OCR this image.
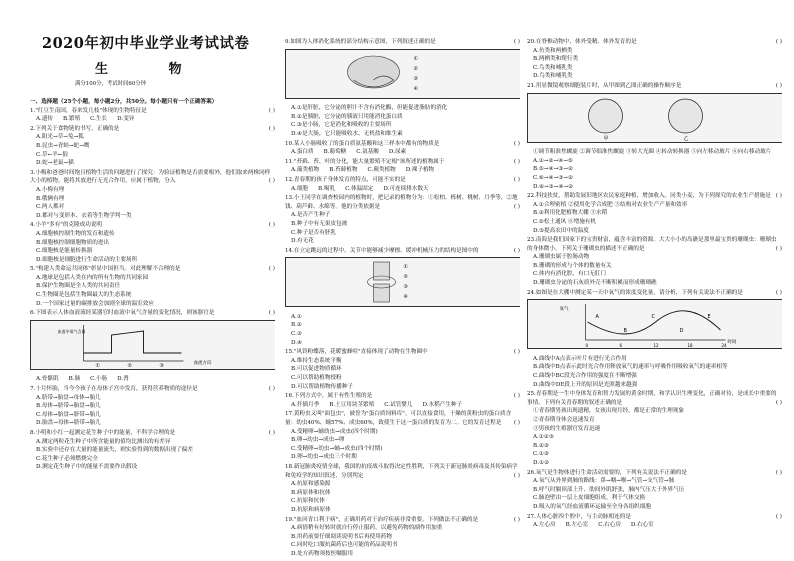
2020年初中毕业学业考试试卷
生 物
满分100分，考试时间60分钟
一、选择题（25个小题，每小题2分，共50分。每小题只有一个正确答案）
1."红豆生南国，春来发几枝"体现的生物特征是	( )
A.遗传 B.繁殖 C.生长 D.变异
2.下列关于食物链的书写，正确的是	( )
A.阳光→草→兔→狐
B.昆虫→青蛙→蛇→鹰
C.草←羊←狼
D.蛇→老鼠→猫
3.小梅和爸爸时间饱且植物生活的问题进行了探究：为验证植物是否需要根外，他们取来两株同样大小的植物。能将其放进行无光合作用，应属于植物，分入	( )
A.小梅有理
B.俄俩有理
C.两人都对
D.都对与变形本、衣着等生物学判一类
4.小羊"多有"的克隆成功说明	( )
A.细胞核控制生物的发育和遗传
B.细胞核控制细胞物质的进出
C.细胞核是能量转换器
D.细胞核是细胞进行生命活动的主要场所
5."构建人类命运共同体"彰显中国担当。对此理解不合理的是	( )
A.地球是包括人类在内的所有生物的共同家园
B.保护生物圈是全人类的共同责任
C.生物圈是包括生物圈最大的生态系统
D.一个国家过量的碳排放会加剧全球的温室效应
6.下图表示人体血液流经某器官时血液中氧气含量的变化情况，则该器官是	( )
血液中氧气含量
血流方向
①	②	③
A.骨骼肌 B.肺 C.小肠 D.肾
7.十月怀胎，当今今孩子在母体子宫中发育，获得营养物质的途径是	( )
A.脐带→胎盘→母体→胎儿
B.母体→脐带→胎盘→胎儿
C.母体→胎盘→脐带→胎儿
D.胎盘→母体→脐带→胎儿
8.小明和小红一起测定花生种子中的能量，不科学合理的是	( )
A.测定两粒花生种子中所含能量的值均比测出的有差异
B.实验中还存在大量的能量流失，则实验得到的数据出现了偏差
C.花生种子必须燃烧完全
D.测定花生种子中的能量不需要作出假设
9.如图为人体消化系统的部分结构示意图，下列叙述正确的是	( )
①
②
③
④
A.①是肝脏，它分泌的胆汁不含有消化酶，但能促进脂肪的消化
B.②是胰脏，它分泌的胰液只用能消化蛋白质
C.③是小肠，它是消化和吸收的主要场所
D.④是大肠，它只能吸收水、无机盐和维生素
10.某人小肠吸收了的蛋白质氨基酸和这三样本中都有的物质是	( )
A.蛋白质 B.葡萄糖 C.氨基酸 D.尿素
11."苔藓、苔、叶的分化，能大量繁殖不定根"该所述的植物属于	( )
A.藻类植物 B.苔藓植物 C.蕨类植物 D.裸子植物
12.青春期的孩子身体发育的特点，可能不实的是	( )
A.细胞 B.喝乳 C.体温固定 D.可连续排水数天
13.小王同学在调查校园内的植物时，把记录的植物分为：①松柏、栎树、桃树、月季等，②地钱、葫芦藓、水绵等。他的分类依据是	( )
A.是否产生种子
B.种子中有无果皮包被
C.种子是否有胚乳
D.有无花
14.在立定跳远的过程中，关节中能够减少摩擦、缓冲机械压力的结构是图中的	( )
①
②
③
④
A.①
B.②
C.③
D.④
15."风铃粉蝶落，花暖蜜蜂喧"直接体现了动物在生物圈中	( )
A.维持生态系统平衡
B.可以促进物质循环
C.可以帮助植物授粉
D.可以帮助植物传播种子
16.下列方式中，属于有性生殖的是	( )
A.扦插月季 B.土豆用块茎繁殖 C.试管婴儿 D.水稻产生种子
17.黄粉虫又叫"面包虫"，被誉为"蛋白质饲料库"。可以直接食用，干燥的黄粉虫的蛋白质含量：幼虫40%、蛹57%、成虫60%，致使生于这一蛋白质的发育为二。它的发育过程是 ( )
A.受精卵→蛹幼虫→成虫(四个时期)
B.卵→幼虫→成虫→卵
C.受精卵→幼虫→蛹→成虫(四个时期)
D.卵→幼虫→成虫三个时期
18.新冠肺炎疫情全球，我国的抗疫战斗取得决定性胜利，下列关于新冠肺炎病毒及其传染病学和免疫学的知识叙述，分别判定	( )
A.抗原和感染源
B.病原体和抗体
C.抗原和抗体
D.抗原和病原体
19."血回青口利于病"，正确用药对于治疗疾病非常重要。下列做法不正确的是	( )
A.病情稍有好转时就自行停止服药，以避免药物的副作用加重
B.用药前要仔细阅读说明书后再使用药物
C.同时吃口服抗菌药后也可能的药品说明书
D.处方药物须按医嘱服用
20.在脊椎动物中，体外受精、体外发育的是	( )
A.鱼类和两栖类
B.两栖类和爬行类
C.鸟类和哺乳类
D.鸟类和哺乳类
21.用显微镜观察细胞装片时，从甲图到乙图正确的操作顺序是	( )
甲	乙
①调节粗准焦螺旋 ②调节细准焦螺旋 ③转大光圈 ④转动转换器 ⑤向左移动玻片 ⑥向右移动玻片
A.①→②→④→⑤
B.⑤→④→③→②
C.⑥→④→③→②
D.⑥→③→④→②
22.科技扶贫，帮助发展旧地区农民家庭种植，增加收入。同类小麦，为下列探究的农业生产措施是 ( )
A.①合理密植 ②使用化学合成肥 ③结构对农业生产产量和效率
B.②利用化肥植物大棚 ③水稻
C.⑤松土通风 ⑥增施有机
D.⑤提高农田中的温度
23.南海是我们国家下的宝贵财富，蕴含丰富的资源。大大小小的岛礁是那里最宝贵的珊瑚虫：珊瑚虫的身体微小，下列关于珊瑚虫的描述不正确的是	( )
A.珊瑚虫属于腔肠动物
B.珊瑚的形成与个体的数量有关
C.体内有消化腔，有口无肛门
D.珊瑚虫分泌的石灰质外壳不断积累而形成珊瑚礁
24.如图是在大棚中测定某一天中氧气的浓度变化量，请分析，下列有关说法不正确的是	( )
氧气
时间
A
B
C
D
E
0	6	12	18	24
A.曲线中A点表示叶片有进行光合作用
B.曲线中B点表示此时光合作用释放氧气的速率与呼吸作用吸收氧气的速率相等
C.曲线中BC段光合作用的强度在不断增强
D.曲线中DE段上升的原因是光照越来越强
25.青春期是一生中身体发育和智力发展的黄金时期，和学认识生理变化，正确对待，是成长中重要的事情。下列有关青春期的叙述正确的是	( )
①青春期男孩出现遗精，女孩出现月经，都是正常的生理现象
②青春期身体会迅速发育
③男孩的生殖器官发育迅速
A.①②③
B.②③
C.①③
D.①②
26.氧气是生物体进行生命活动需要的，下列有关说法不正确的是	( )
A.氧气从外界到肺的路线：鼻→咽→喉→气管→支气管→肺
B.呼气时膈顶部上升、肋间外肌舒张，肺内气压大于外界气压
C.肺泡壁由一层上皮细胞组成，利于气体交换
D.吸入的氧气经血液循环运输至全身各组织细胞
27.人体心脏四个腔中，与主动脉相连的是	( )
A.左心房 B.左心室 C.右心房 D.右心室
